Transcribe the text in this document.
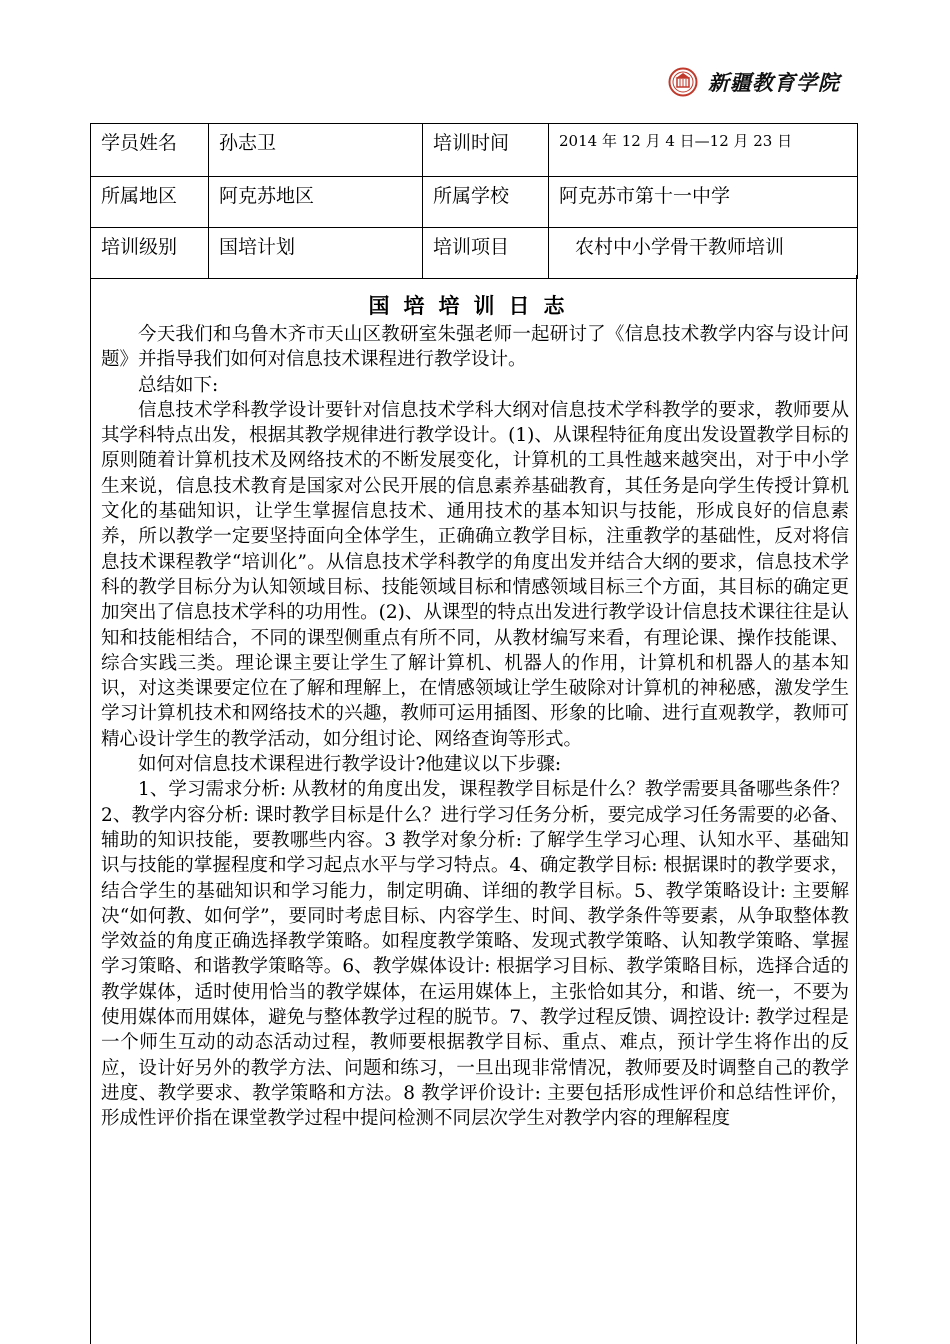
新疆教育学院
学员姓名	孙志卫	培训时间	2014 年 12 月 4 日—12 月 23 日
所属地区	阿克苏地区	所属学校	阿克苏市第十一中学
培训级别	国培计划	培训项目	农村中小学骨干教师培训
国培培训日志

今天我们和乌鲁木齐市天山区教研室朱强老师一起研讨了《信息技术教学内容与设计问题》并指导我们如何对信息技术课程进行教学设计。

总结如下:

信息技术学科教学设计要针对信息技术学科大纲对信息技术学科教学的要求，教师要从其学科特点出发，根据其教学规律进行教学设计。(1)、从课程特征角度出发设置教学目标的原则随着计算机技术及网络技术的不断发展变化，计算机的工具性越来越突出，对于中小学生来说，信息技术教育是国家对公民开展的信息素养基础教育，其任务是向学生传授计算机文化的基础知识，让学生掌握信息技术、通用技术的基本知识与技能，形成良好的信息素养，所以教学一定要坚持面向全体学生，正确确立教学目标，注重教学的基础性，反对将信息技术课程教学“培训化”。从信息技术学科教学的角度出发并结合大纲的要求，信息技术学科的教学目标分为认知领域目标、技能领域目标和情感领域目标三个方面，其目标的确定更加突出了信息技术学科的功用性。(2)、从课型的特点出发进行教学设计信息技术课往往是认知和技能相结合，不同的课型侧重点有所不同，从教材编写来看，有理论课、操作技能课、综合实践三类。理论课主要让学生了解计算机、机器人的作用，计算机和机器人的基本知识，对这类课要定位在了解和理解上，在情感领域让学生破除对计算机的神秘感，激发学生学习计算机技术和网络技术的兴趣，教师可运用插图、形象的比喻、进行直观教学，教师可精心设计学生的教学活动，如分组讨论、网络查询等形式。

如何对信息技术课程进行教学设计?他建议以下步骤:

1、学习需求分析: 从教材的角度出发，课程教学目标是什么？教学需要具备哪些条件？2、教学内容分析: 课时教学目标是什么？进行学习任务分析，要完成学习任务需要的必备、辅助的知识技能，要教哪些内容。3 教学对象分析: 了解学生学习心理、认知水平、基础知识与技能的掌握程度和学习起点水平与学习特点。4、确定教学目标: 根据课时的教学要求，结合学生的基础知识和学习能力，制定明确、详细的教学目标。5、教学策略设计: 主要解决“如何教、如何学”，要同时考虑目标、内容学生、时间、教学条件等要素，从争取整体教学效益的角度正确选择教学策略。如程度教学策略、发现式教学策略、认知教学策略、掌握学习策略、和谐教学策略等。6、教学媒体设计: 根据学习目标、教学策略目标，选择合适的教学媒体，适时使用恰当的教学媒体，在运用媒体上，主张恰如其分，和谐、统一，不要为使用媒体而用媒体，避免与整体教学过程的脱节。7、教学过程反馈、调控设计: 教学过程是一个师生互动的动态活动过程，教师要根据教学目标、重点、难点，预计学生将作出的反应，设计好另外的教学方法、问题和练习，一旦出现非常情况，教师要及时调整自己的教学进度、教学要求、教学策略和方法。8 教学评价设计: 主要包括形成性评价和总结性评价，形成性评价指在课堂教学过程中提问检测不同层次学生对教学内容的理解程度
